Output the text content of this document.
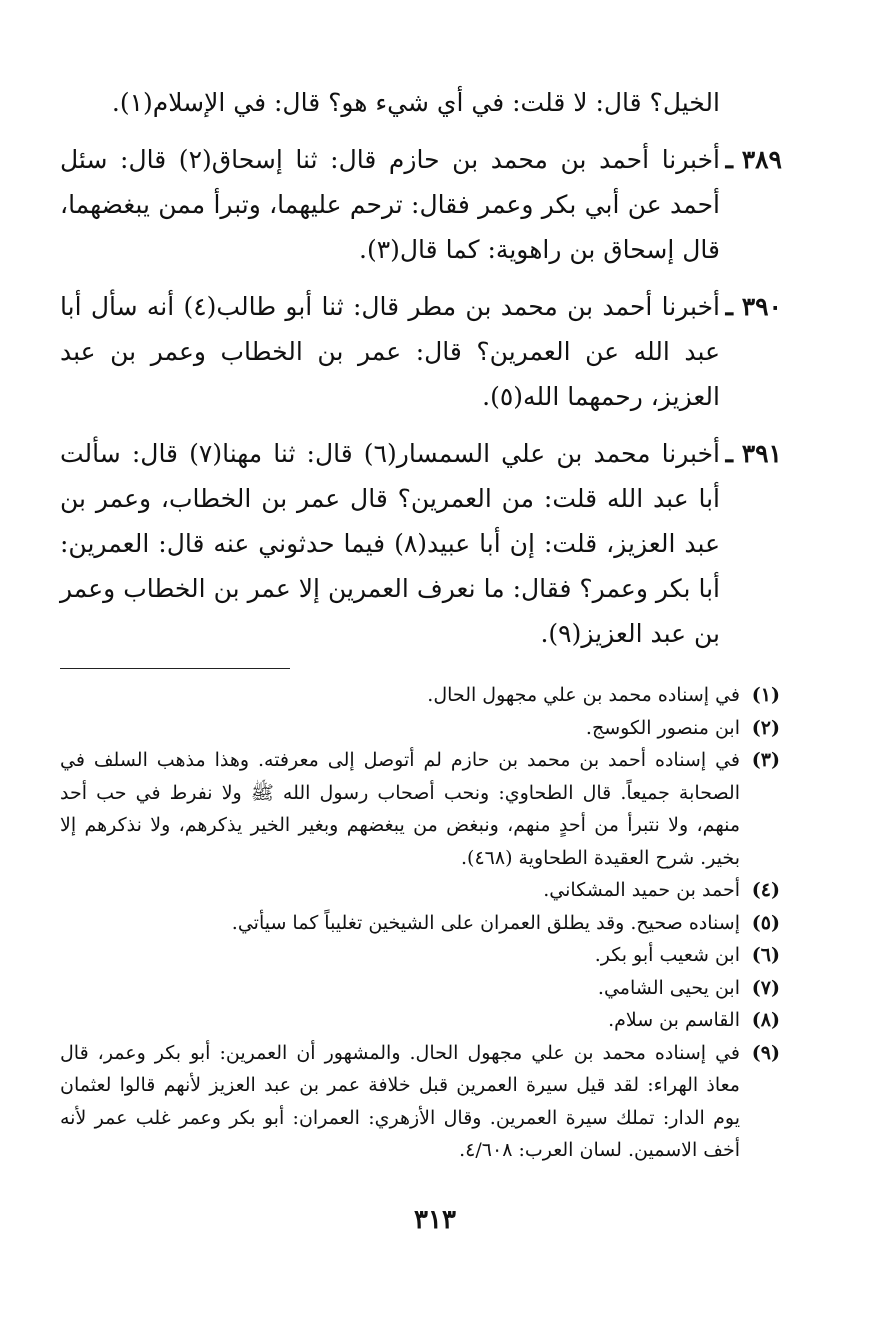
الخيل؟ قال: لا قلت: في أي شيء هو؟ قال: في الإسلام(١).

٣٨٩ ـ
أخبرنا أحمد بن محمد بن حازم قال: ثنا إسحاق(٢) قال: سئل أحمد عن أبي بكر وعمر فقال: ترحم عليهما، وتبرأ ممن يبغضهما، قال إسحاق بن راهوية: كما قال(٣).

٣٩٠ ـ
أخبرنا أحمد بن محمد بن مطر قال: ثنا أبو طالب(٤) أنه سأل أبا عبد الله عن العمرين؟ قال: عمر بن الخطاب وعمر بن عبد العزيز، رحمهما الله(٥).

٣٩١ ـ
أخبرنا محمد بن علي السمسار(٦) قال: ثنا مهنا(٧) قال: سألت أبا عبد الله قلت: من العمرين؟ قال عمر بن الخطاب، وعمر بن عبد العزيز، قلت: إن أبا عبيد(٨) فيما حدثوني عنه قال: العمرين: أبا بكر وعمر؟ فقال: ما نعرف العمرين إلا عمر بن الخطاب وعمر بن عبد العزيز(٩).

(١)
في إسناده محمد بن علي مجهول الحال.

(٢)
ابن منصور الكوسج.

(٣)
في إسناده أحمد بن محمد بن حازم لم أتوصل إلى معرفته. وهذا مذهب السلف في الصحابة جميعاً. قال الطحاوي: ونحب أصحاب رسول الله ﷺ ولا نفرط في حب أحد منهم، ولا نتبرأ من أحدٍ منهم، ونبغض من يبغضهم وبغير الخير يذكرهم، ولا نذكرهم إلا بخير. شرح العقيدة الطحاوية (٤٦٨).

(٤)
أحمد بن حميد المشكاني.

(٥)
إسناده صحيح. وقد يطلق العمران على الشيخين تغليباً كما سيأتي.

(٦)
ابن شعيب أبو بكر.

(٧)
ابن يحيى الشامي.

(٨)
القاسم بن سلام.

(٩)
في إسناده محمد بن علي مجهول الحال. والمشهور أن العمرين: أبو بكر وعمر، قال معاذ الهراء: لقد قيل سيرة العمرين قبل خلافة عمر بن عبد العزيز لأنهم قالوا لعثمان يوم الدار: تملك سيرة العمرين. وقال الأزهري: العمران: أبو بكر وعمر غلب عمر لأنه أخف الاسمين. لسان العرب: ٤/٦٠٨.

٣١٣
